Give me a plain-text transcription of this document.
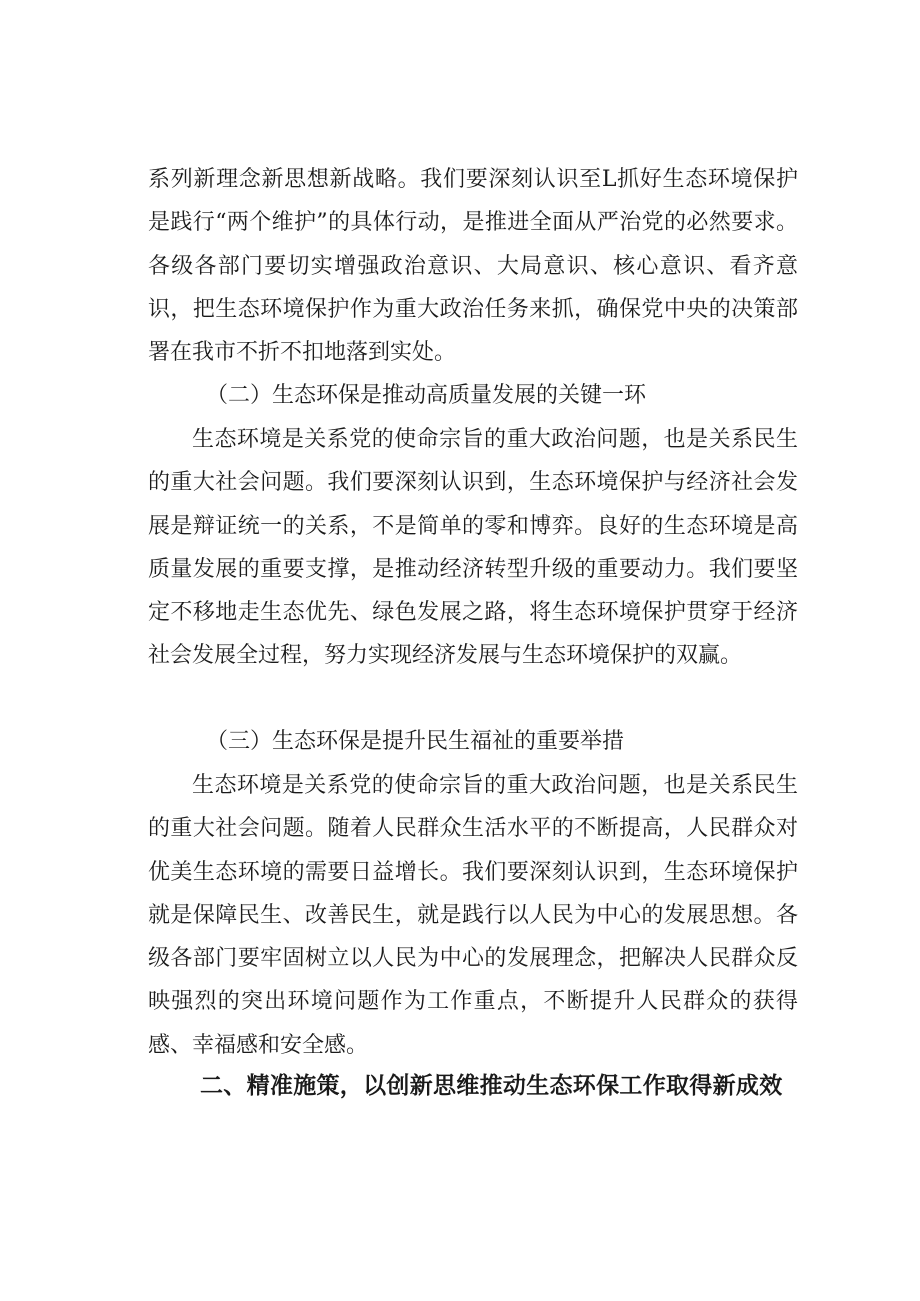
系列新理念新思想新战略。我们要深刻认识至L抓好生态环境保护是践行“两个维护”的具体行动，是推进全面从严治党的必然要求。各级各部门要切实增强政治意识、大局意识、核心意识、看齐意识，把生态环境保护作为重大政治任务来抓，确保党中央的决策部署在我市不折不扣地落到实处。

（二）生态环保是推动高质量发展的关键一环

生态环境是关系党的使命宗旨的重大政治问题，也是关系民生的重大社会问题。我们要深刻认识到，生态环境保护与经济社会发展是辩证统一的关系，不是简单的零和博弈。良好的生态环境是高质量发展的重要支撑，是推动经济转型升级的重要动力。我们要坚定不移地走生态优先、绿色发展之路，将生态环境保护贯穿于经济社会发展全过程，努力实现经济发展与生态环境保护的双赢。

（三）生态环保是提升民生福祉的重要举措

生态环境是关系党的使命宗旨的重大政治问题，也是关系民生的重大社会问题。随着人民群众生活水平的不断提高，人民群众对优美生态环境的需要日益增长。我们要深刻认识到，生态环境保护就是保障民生、改善民生，就是践行以人民为中心的发展思想。各级各部门要牢固树立以人民为中心的发展理念，把解决人民群众反映强烈的突出环境问题作为工作重点，不断提升人民群众的获得感、幸福感和安全感。

二、精准施策，以创新思维推动生态环保工作取得新成效
